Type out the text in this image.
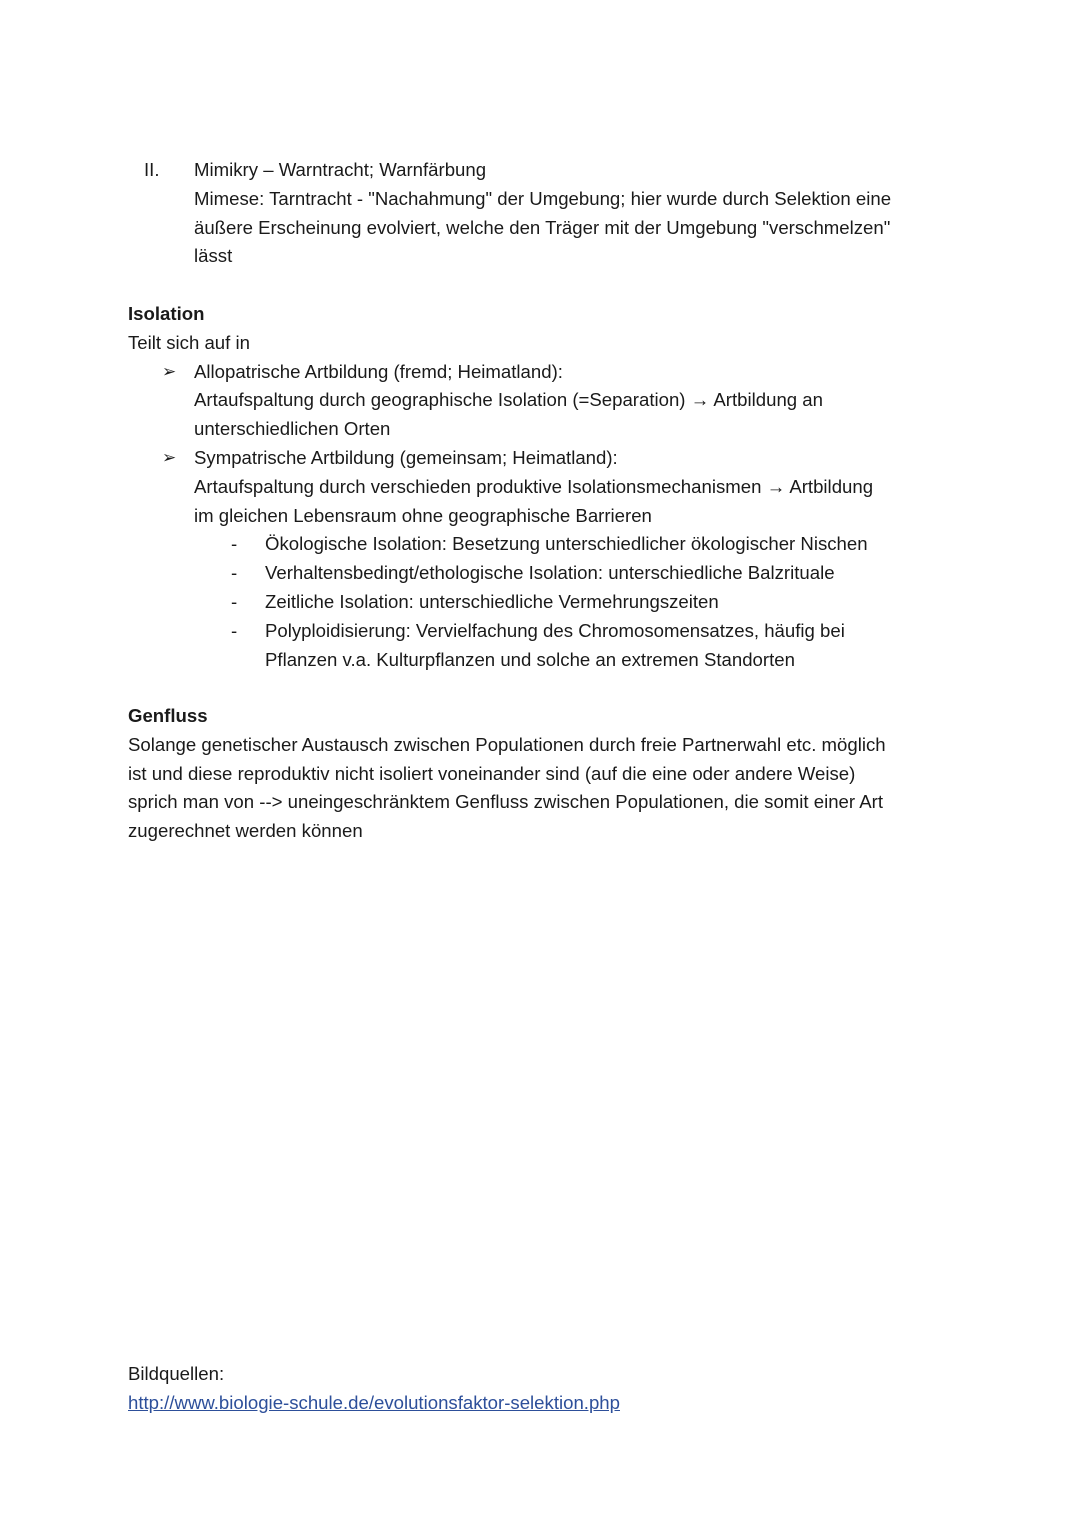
II. Mimikry – Warntracht; Warnfärbung
Mimese: Tarntracht - "Nachahmung" der Umgebung; hier wurde durch Selektion eine
äußere Erscheinung evolviert, welche den Träger mit der Umgebung "verschmelzen"
lässt
Isolation
Teilt sich auf in
➢ Allopatrische Artbildung (fremd; Heimatland):
Artaufspaltung durch geographische Isolation (=Separation) → Artbildung an
unterschiedlichen Orten
➢ Sympatrische Artbildung (gemeinsam; Heimatland):
Artaufspaltung durch verschieden produktive Isolationsmechanismen → Artbildung
im gleichen Lebensraum ohne geographische Barrieren
- Ökologische Isolation: Besetzung unterschiedlicher ökologischer Nischen
- Verhaltensbedingt/ethologische Isolation: unterschiedliche Balzrituale
- Zeitliche Isolation: unterschiedliche Vermehrungszeiten
- Polyploidisierung: Vervielfachung des Chromosomensatzes, häufig bei
Pflanzen v.a. Kulturpflanzen und solche an extremen Standorten
Genfluss
Solange genetischer Austausch zwischen Populationen durch freie Partnerwahl etc. möglich
ist und diese reproduktiv nicht isoliert voneinander sind (auf die eine oder andere Weise)
sprich man von --> uneingeschränktem Genfluss zwischen Populationen, die somit einer Art
zugerechnet werden können
Bildquellen:
http://www.biologie-schule.de/evolutionsfaktor-selektion.php
